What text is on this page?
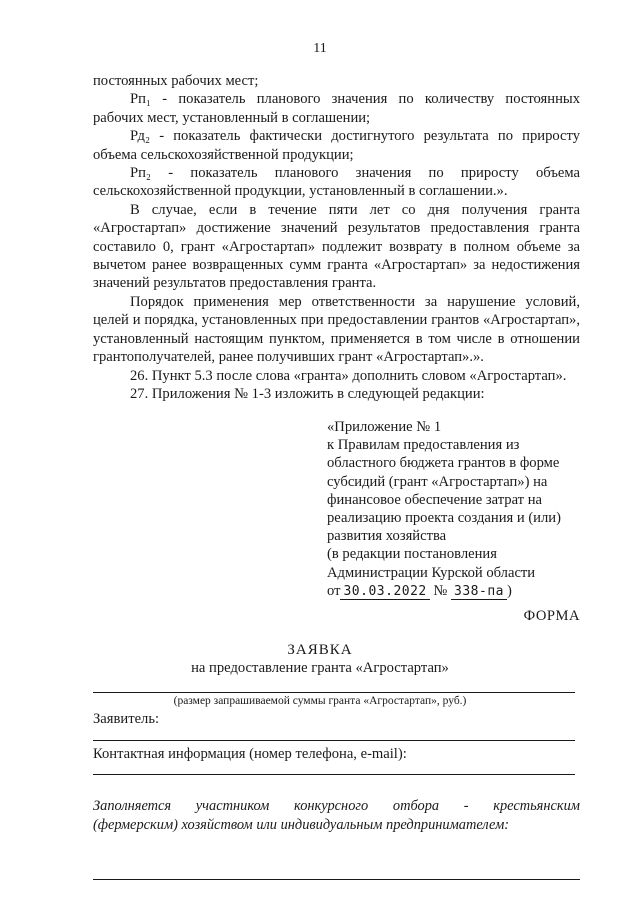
11

постоянных рабочих мест;

Рп₁ - показатель планового значения по количеству постоянных рабочих мест, установленный в соглашении;

Рд₂ - показатель фактически достигнутого результата по приросту объема сельскохозяйственной продукции;

Рп₂ - показатель планового значения по приросту объема сельскохозяйственной продукции, установленный в соглашении.».

В случае, если в течение пяти лет со дня получения гранта «Агростартап» достижение значений результатов предоставления гранта составило 0, грант «Агростартап» подлежит возврату в полном объеме за вычетом ранее возвращенных сумм гранта «Агростартап» за недостижения значений результатов предоставления гранта.

Порядок применения мер ответственности за нарушение условий, целей и порядка, установленных при предоставлении грантов «Агростартап», установленный настоящим пунктом, применяется в том числе в отношении грантополучателей, ранее получивших грант «Агростартап».».

26. Пункт 5.3 после слова «гранта» дополнить словом «Агростартап».

27. Приложения № 1-3 изложить в следующей редакции:

«Приложение № 1
к Правилам предоставления из
областного бюджета грантов в форме
субсидий (грант «Агростартап») на
финансовое обеспечение затрат на
реализацию проекта создания и (или)
развития хозяйства
(в редакции постановления
Администрации Курской области
от 30.03.2022 № 338-па )
ФОРМА
ЗАЯВКА
на предоставление гранта «Агростартап»
(размер запрашиваемой суммы гранта «Агростартап», руб.)
Заявитель:
Контактная информация (номер телефона, e-mail):

Заполняется участником конкурсного отбора - крестьянским

(фермерским) хозяйством или индивидуальным предпринимателем:
